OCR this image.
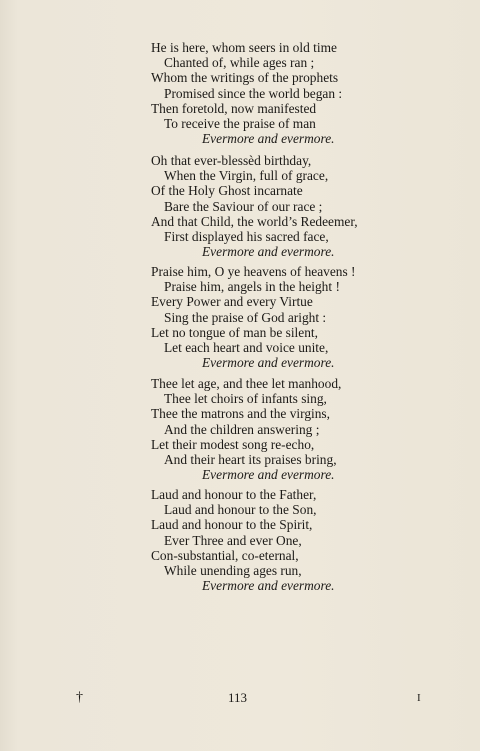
He is here, whom seers in old time

Chanted of, while ages ran ;

Whom the writings of the prophets

Promised since the world began :

Then foretold, now manifested

To receive the praise of man

Evermore and evermore.

Oh that ever-blessèd birthday,

When the Virgin, full of grace,

Of the Holy Ghost incarnate

Bare the Saviour of our race ;

And that Child, the world’s Redeemer,

First displayed his sacred face,

Evermore and evermore.

Praise him, O ye heavens of heavens !

Praise him, angels in the height !

Every Power and every Virtue

Sing the praise of God aright :

Let no tongue of man be silent,

Let each heart and voice unite,

Evermore and evermore.

Thee let age, and thee let manhood,

Thee let choirs of infants sing,

Thee the matrons and the virgins,

And the children answering ;

Let their modest song re-echo,

And their heart its praises bring,

Evermore and evermore.

Laud and honour to the Father,

Laud and honour to the Son,

Laud and honour to the Spirit,

Ever Three and ever One,

Con-substantial, co-eternal,

While unending ages run,

Evermore and evermore.

†	113	I
